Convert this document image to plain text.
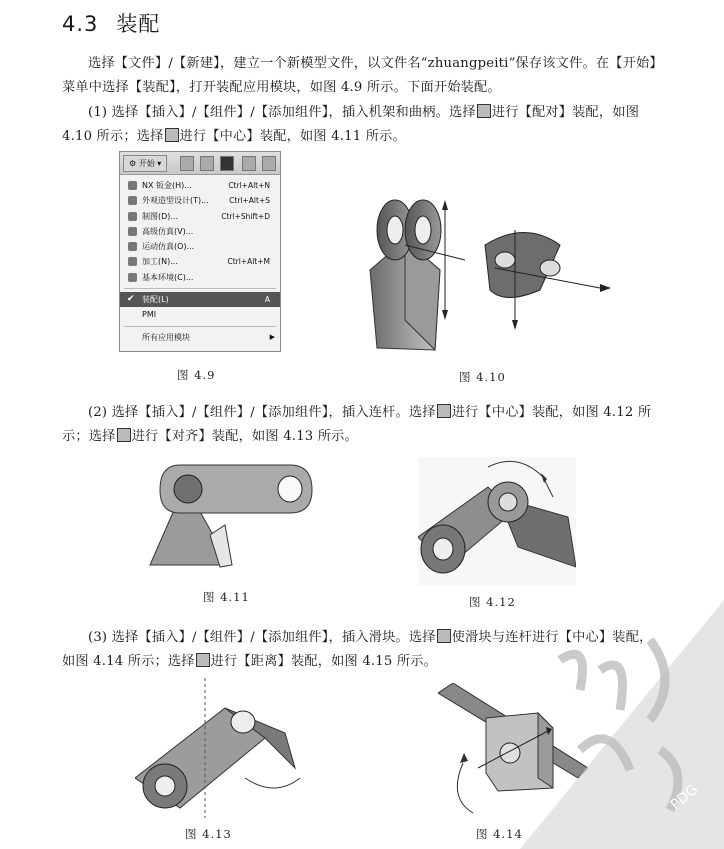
4.3 装配
选择【文件】/【新建】，建立一个新模型文件，以文件名“zhuangpeiti”保存该文件。在【开始】菜单中选择【装配】，打开装配应用模块，如图 4.9 所示。下面开始装配。
(1) 选择【插入】/【组件】/【添加组件】，插入机架和曲柄。选择 进行【配对】装配，如图 4.10 所示；选择 进行【中心】装配，如图 4.11 所示。
⚙ 开始 ▾
NX 钣金(H)...	Ctrl+Alt+N
外观造型设计(T)...	Ctrl+Alt+S
制图(D)...	Ctrl+Shift+D
高级仿真(V)...
运动仿真(O)...
加工(N)...	Ctrl+Alt+M
基本环境(C)...
✔ 装配(L)	A
PMI
所有应用模块	▶
图 4.9	图 4.10
(2) 选择【插入】/【组件】/【添加组件】，插入连杆。选择 进行【中心】装配，如图 4.12 所示；选择 进行【对齐】装配，如图 4.13 所示。
图 4.11	图 4.12
(3) 选择【插入】/【组件】/【添加组件】，插入滑块。选择 使滑块与连杆进行【中心】装配，如图 4.14 所示；选择 进行【距离】装配，如图 4.15 所示。
图 4.13	图 4.14
PDG
